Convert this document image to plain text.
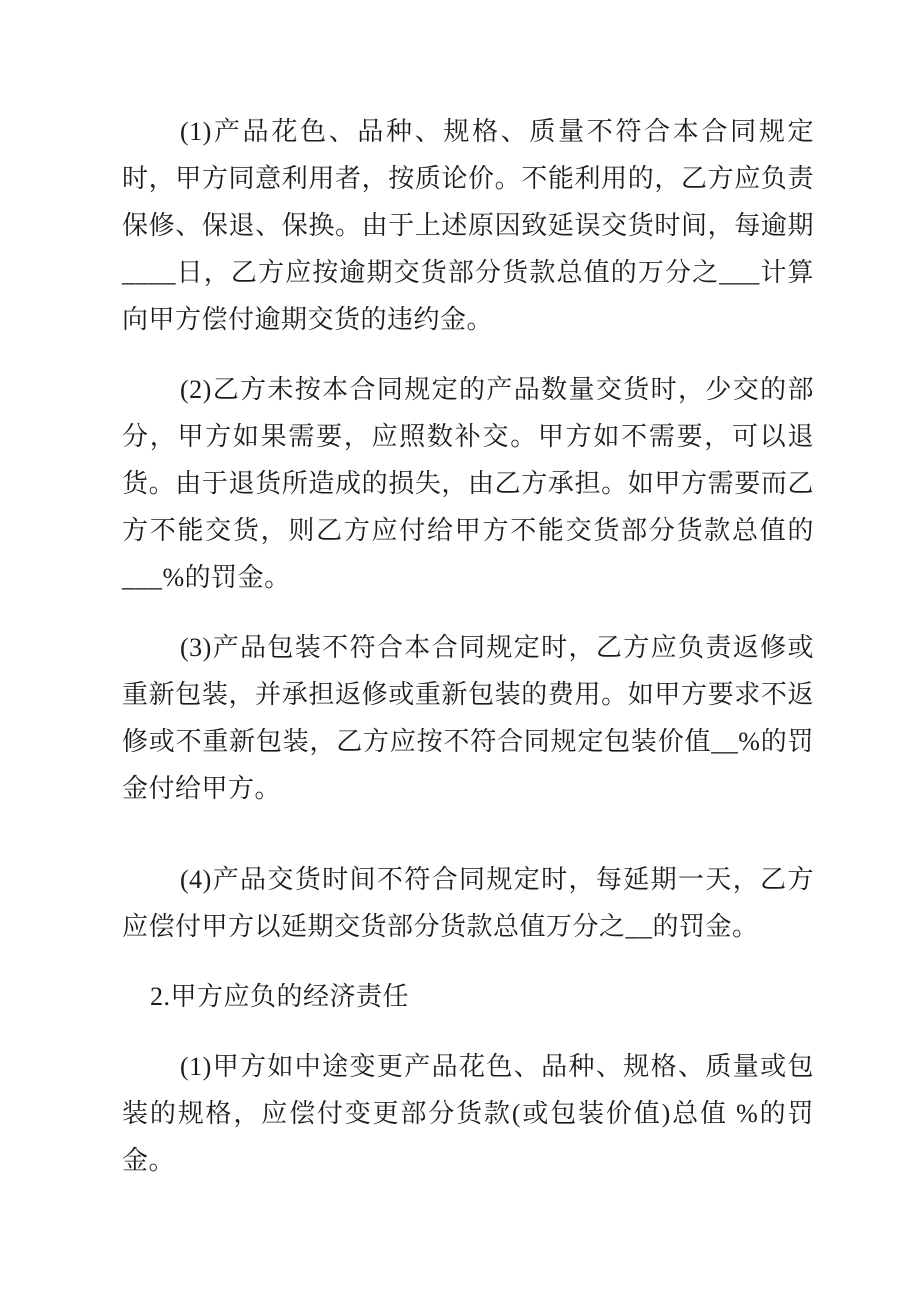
(1)产品花色、品种、规格、质量不符合本合同规定时，甲方同意利用者，按质论价。不能利用的，乙方应负责保修、保退、保换。由于上述原因致延误交货时间，每逾期____日，乙方应按逾期交货部分货款总值的万分之___计算向甲方偿付逾期交货的违约金。

(2)乙方未按本合同规定的产品数量交货时，少交的部分，甲方如果需要，应照数补交。甲方如不需要，可以退货。由于退货所造成的损失，由乙方承担。如甲方需要而乙方不能交货，则乙方应付给甲方不能交货部分货款总值的___%的罚金。

(3)产品包装不符合本合同规定时，乙方应负责返修或重新包装，并承担返修或重新包装的费用。如甲方要求不返修或不重新包装，乙方应按不符合同规定包装价值__%的罚金付给甲方。

(4)产品交货时间不符合同规定时，每延期一天，乙方应偿付甲方以延期交货部分货款总值万分之__的罚金。

2.甲方应负的经济责任

(1)甲方如中途变更产品花色、品种、规格、质量或包装的规格，应偿付变更部分货款(或包装价值)总值 %的罚金。
